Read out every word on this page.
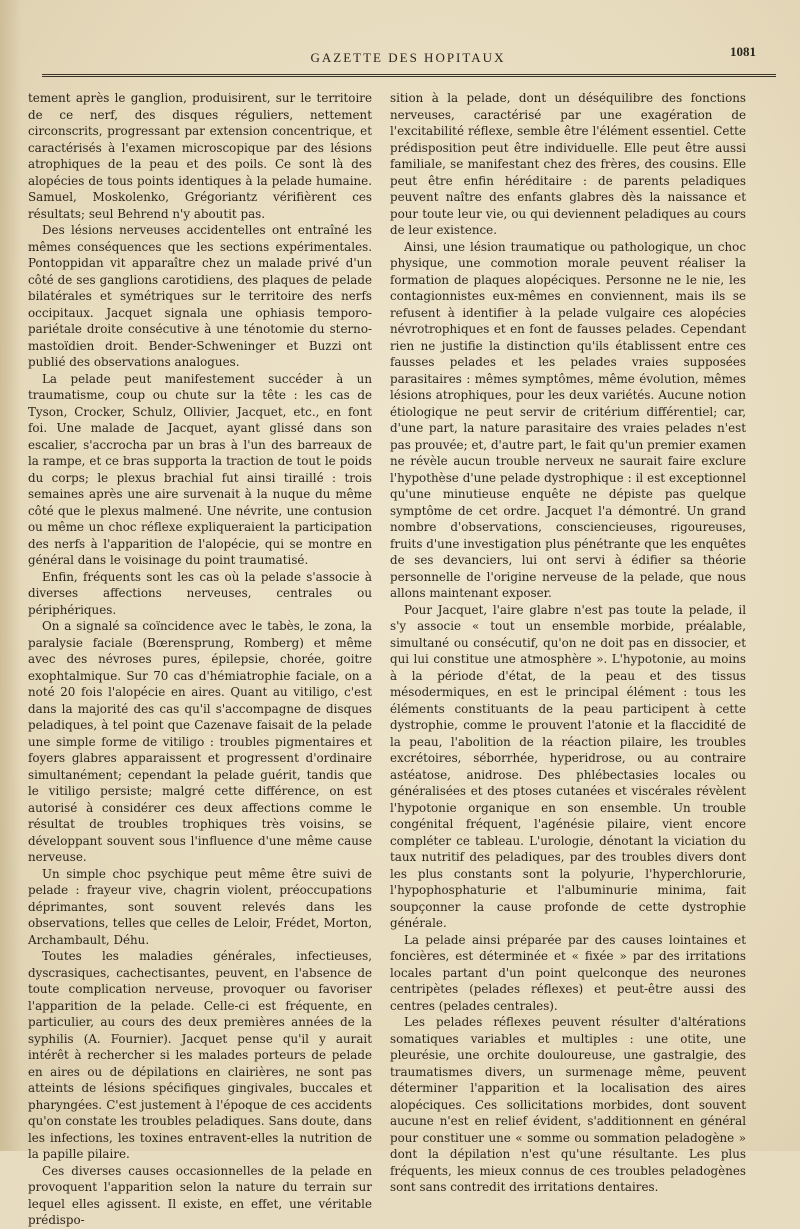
GAZETTE DES HOPITAUX	1081

tement après le ganglion, produisirent, sur le territoire de ce nerf, des disques réguliers, nettement circonscrits, progressant par extension concentrique, et caractérisés à l'examen microscopique par des lésions atrophiques de la peau et des poils. Ce sont là des alopécies de tous points identiques à la pelade humaine. Samuel, Moskolenko, Grégoriantz vérifièrent ces résultats; seul Behrend n'y aboutit pas.

Des lésions nerveuses accidentelles ont entraîné les mêmes conséquences que les sections expérimentales. Pontoppidan vit apparaître chez un malade privé d'un côté de ses ganglions carotidiens, des plaques de pelade bilatérales et symétriques sur le territoire des nerfs occipitaux. Jacquet signala une ophiasis temporo-pariétale droite consécutive à une ténotomie du sterno-mastoïdien droit. Bender-Schweninger et Buzzi ont publié des observations analogues.

La pelade peut manifestement succéder à un traumatisme, coup ou chute sur la tête : les cas de Tyson, Crocker, Schulz, Ollivier, Jacquet, etc., en font foi. Une malade de Jacquet, ayant glissé dans son escalier, s'accrocha par un bras à l'un des barreaux de la rampe, et ce bras supporta la traction de tout le poids du corps; le plexus brachial fut ainsi tiraillé : trois semaines après une aire survenait à la nuque du même côté que le plexus malmené. Une névrite, une contusion ou même un choc réflexe expliqueraient la participation des nerfs à l'apparition de l'alopécie, qui se montre en général dans le voisinage du point traumatisé.

Enfin, fréquents sont les cas où la pelade s'associe à diverses affections nerveuses, centrales ou périphériques.

On a signalé sa coïncidence avec le tabès, le zona, la paralysie faciale (Bœrensprung, Romberg) et même avec des névroses pures, épilepsie, chorée, goitre exophtalmique. Sur 70 cas d'hémiatrophie faciale, on a noté 20 fois l'alopécie en aires. Quant au vitiligo, c'est dans la majorité des cas qu'il s'accompagne de disques peladiques, à tel point que Cazenave faisait de la pelade une simple forme de vitiligo : troubles pigmentaires et foyers glabres apparaissent et progressent d'ordinaire simultanément; cependant la pelade guérit, tandis que le vitiligo persiste; malgré cette différence, on est autorisé à considérer ces deux affections comme le résultat de troubles trophiques très voisins, se développant souvent sous l'influence d'une même cause nerveuse.

Un simple choc psychique peut même être suivi de pelade : frayeur vive, chagrin violent, préoccupations déprimantes, sont souvent relevés dans les observations, telles que celles de Leloir, Frédet, Morton, Archambault, Déhu.

Toutes les maladies générales, infectieuses, dyscrasiques, cachectisantes, peuvent, en l'absence de toute complication nerveuse, provoquer ou favoriser l'apparition de la pelade. Celle-ci est fréquente, en particulier, au cours des deux premières années de la syphilis (A. Fournier). Jacquet pense qu'il y aurait intérêt à rechercher si les malades porteurs de pelade en aires ou de dépilations en clairières, ne sont pas atteints de lésions spécifiques gingivales, buccales et pharyngées. C'est justement à l'époque de ces accidents qu'on constate les troubles peladiques. Sans doute, dans les infections, les toxines entravent-elles la nutrition de la papille pilaire.

Ces diverses causes occasionnelles de la pelade en provoquent l'apparition selon la nature du terrain sur lequel elles agissent. Il existe, en effet, une véritable prédispo-

sition à la pelade, dont un déséquilibre des fonctions nerveuses, caractérisé par une exagération de l'excitabilité réflexe, semble être l'élément essentiel. Cette prédisposition peut être individuelle. Elle peut être aussi familiale, se manifestant chez des frères, des cousins. Elle peut être enfin héréditaire : de parents peladiques peuvent naître des enfants glabres dès la naissance et pour toute leur vie, ou qui deviennent peladiques au cours de leur existence.

Ainsi, une lésion traumatique ou pathologique, un choc physique, une commotion morale peuvent réaliser la formation de plaques alopéciques. Personne ne le nie, les contagionnistes eux-mêmes en conviennent, mais ils se refusent à identifier à la pelade vulgaire ces alopécies névrotrophiques et en font de fausses pelades. Cependant rien ne justifie la distinction qu'ils établissent entre ces fausses pelades et les pelades vraies supposées parasitaires : mêmes symptômes, même évolution, mêmes lésions atrophiques, pour les deux variétés. Aucune notion étiologique ne peut servir de critérium différentiel; car, d'une part, la nature parasitaire des vraies pelades n'est pas prouvée; et, d'autre part, le fait qu'un premier examen ne révèle aucun trouble nerveux ne saurait faire exclure l'hypothèse d'une pelade dystrophique : il est exceptionnel qu'une minutieuse enquête ne dépiste pas quelque symptôme de cet ordre. Jacquet l'a démontré. Un grand nombre d'observations, consciencieuses, rigoureuses, fruits d'une investigation plus pénétrante que les enquêtes de ses devanciers, lui ont servi à édifier sa théorie personnelle de l'origine nerveuse de la pelade, que nous allons maintenant exposer.

Pour Jacquet, l'aire glabre n'est pas toute la pelade, il s'y associe « tout un ensemble morbide, préalable, simultané ou consécutif, qu'on ne doit pas en dissocier, et qui lui constitue une atmosphère ». L'hypotonie, au moins à la période d'état, de la peau et des tissus mésodermiques, en est le principal élément : tous les éléments constituants de la peau participent à cette dystrophie, comme le prouvent l'atonie et la flaccidité de la peau, l'abolition de la réaction pilaire, les troubles excrétoires, séborrhée, hyperidrose, ou au contraire astéatose, anidrose. Des phlébectasies locales ou généralisées et des ptoses cutanées et viscérales révèlent l'hypotonie organique en son ensemble. Un trouble congénital fréquent, l'agénésie pilaire, vient encore compléter ce tableau. L'urologie, dénotant la viciation du taux nutritif des peladiques, par des troubles divers dont les plus constants sont la polyurie, l'hyperchlorurie, l'hypophosphaturie et l'albuminurie minima, fait soupçonner la cause profonde de cette dystrophie générale.

La pelade ainsi préparée par des causes lointaines et foncières, est déterminée et « fixée » par des irritations locales partant d'un point quelconque des neurones centripètes (pelades réflexes) et peut-être aussi des centres (pelades centrales).

Les pelades réflexes peuvent résulter d'altérations somatiques variables et multiples : une otite, une pleurésie, une orchite douloureuse, une gastralgie, des traumatismes divers, un surmenage même, peuvent déterminer l'apparition et la localisation des aires alopéciques. Ces sollicitations morbides, dont souvent aucune n'est en relief évident, s'additionnent en général pour constituer une « somme ou sommation peladogène » dont la dépilation n'est qu'une résultante. Les plus fréquents, les mieux connus de ces troubles peladogènes sont sans contredit des irritations dentaires.
